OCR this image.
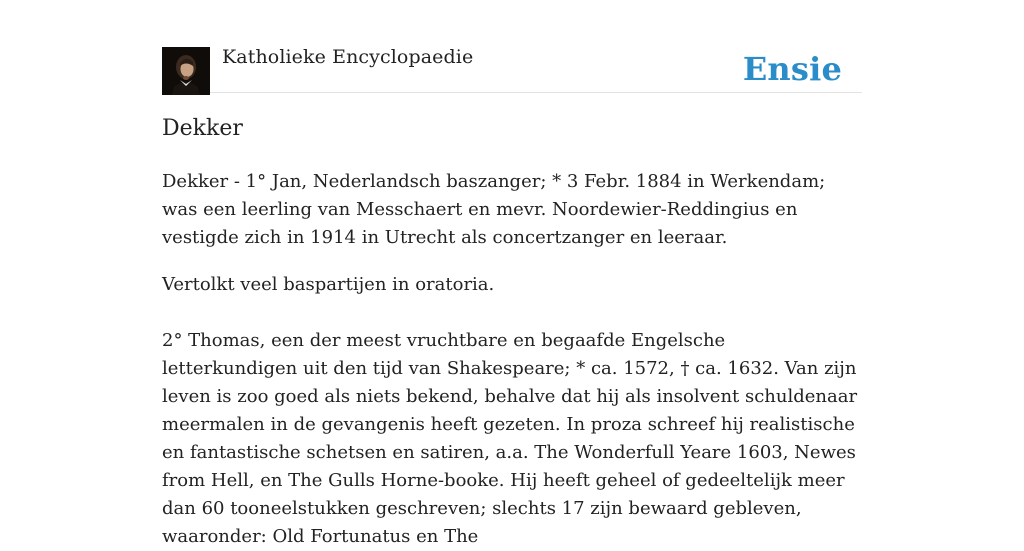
Katholieke Encyclopaedie	Ensie
Dekker

Dekker - 1° Jan, Nederlandsch baszanger; * 3 Febr. 1884 in Werkendam; was een leerling van Messchaert en mevr. Noordewier-Reddingius en vestigde zich in 1914 in Utrecht als concertzanger en leeraar.

Vertolkt veel baspartijen in oratoria.

2° Thomas, een der meest vruchtbare en begaafde Engelsche letterkundigen uit den tijd van Shakespeare; * ca. 1572, † ca. 1632. Van zijn leven is zoo goed als niets bekend, behalve dat hij als insolvent schuldenaar meermalen in de gevangenis heeft gezeten. In proza schreef hij realistische en fantastische schetsen en satiren, a.a. The Wonderfull Yeare 1603, Newes from Hell, en The Gulls Horne-booke. Hij heeft geheel of gedeeltelijk meer dan 60 tooneelstukken geschreven; slechts 17 zijn bewaard gebleven, waaronder: Old Fortunatus en The
